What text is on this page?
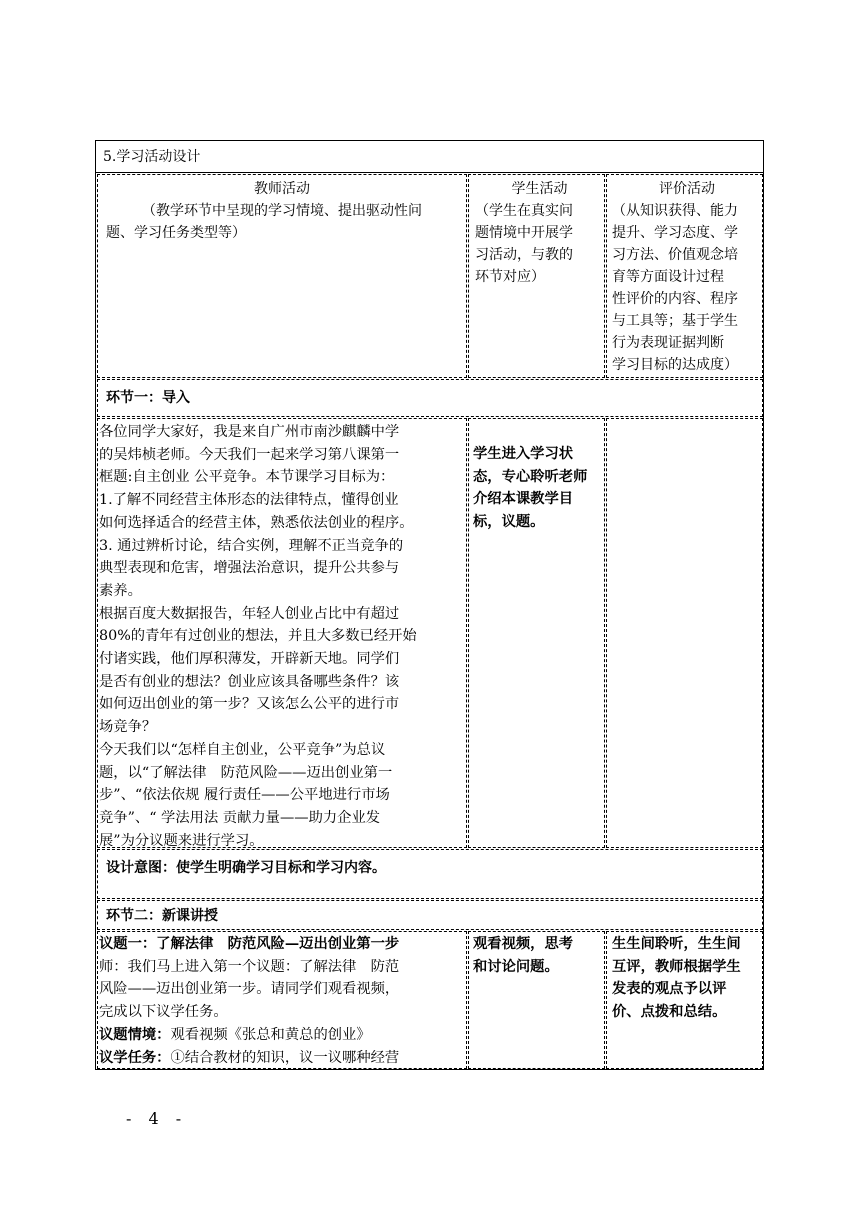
5.学习活动设计
教师活动
（教学环节中呈现的学习情境、提出驱动性问
题、学习任务类型等）
学生活动
（学生在真实问
题情境中开展学
习活动，与教的
环节对应）
评价活动
（从知识获得、能力
提升、学习态度、学
习方法、价值观念培
育等方面设计过程
性评价的内容、程序
与工具等；基于学生
行为表现证据判断
学习目标的达成度）
环节一：导入
各位同学大家好，我是来自广州市南沙麒麟中学
的吴炜桢老师。今天我们一起来学习第八课第一
框题:自主创业 公平竞争。本节课学习目标为：
1.了解不同经营主体形态的法律特点，懂得创业
如何选择适合的经营主体，熟悉依法创业的程序。
3. 通过辨析讨论，结合实例，理解不正当竞争的
典型表现和危害，增强法治意识，提升公共参与
素养。
根据百度大数据报告，年轻人创业占比中有超过
80%的青年有过创业的想法，并且大多数已经开始
付诸实践，他们厚积薄发，开辟新天地。同学们
是否有创业的想法？创业应该具备哪些条件？该
如何迈出创业的第一步？又该怎么公平的进行市
场竞争？
今天我们以“怎样自主创业，公平竞争”为总议
题，以“了解法律　防范风险——迈出创业第一
步”、“依法依规 履行责任——公平地进行市场
竞争”、“ 学法用法 贡献力量——助力企业发
展”为分议题来进行学习。
学生进入学习状
态，专心聆听老师
介绍本课教学目
标，议题。
设计意图：使学生明确学习目标和学习内容。
环节二：新课讲授
议题一：了解法律　防范风险—迈出创业第一步
师：我们马上进入第一个议题：了解法律　防范
风险——迈出创业第一步。请同学们观看视频，
完成以下议学任务。
议题情境：观看视频《张总和黄总的创业》
议学任务：①结合教材的知识，议一议哪种经营
观看视频，思考
和讨论问题。
生生间聆听，生生间
互评，教师根据学生
发表的观点予以评
价、点拨和总结。
- 4 -
